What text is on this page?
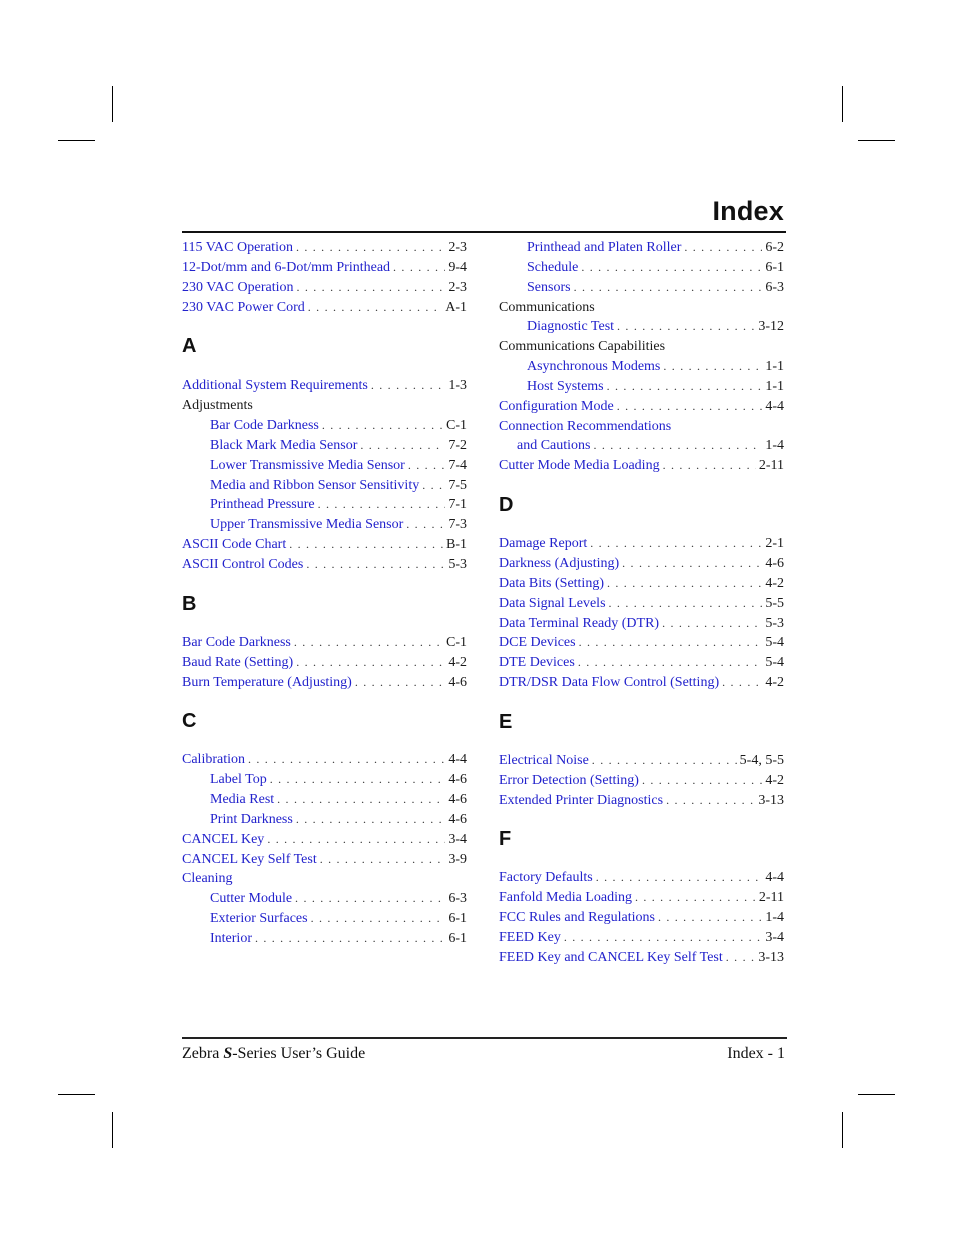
Index
115 VAC Operation . . .	2-3
12-Dot/mm and 6-Dot/mm Printhead . . .	9-4
230 VAC Operation . . .	2-3
230 VAC Power Cord . . .	A-1
A
Additional System Requirements . . .	1-3
Adjustments
Bar Code Darkness . . .	C-1
Black Mark Media Sensor . . .	7-2
Lower Transmissive Media Sensor . . .	7-4
Media and Ribbon Sensor Sensitivity . . . 7-5
Printhead Pressure . . .	7-1
Upper Transmissive Media Sensor . . .	7-3
ASCII Code Chart . . .	B-1
ASCII Control Codes . . .	5-3
B
Bar Code Darkness . . .	C-1
Baud Rate (Setting) . . .	4-2
Burn Temperature (Adjusting) . . .	4-6
C
Calibration . . .	4-4
Label Top . . .	4-6
Media Rest . . .	4-6
Print Darkness . . .	4-6
CANCEL Key . . .	3-4
CANCEL Key Self Test . . .	3-9
Cleaning
Cutter Module . . .	6-3
Exterior Surfaces . . .	6-1
Interior . . .	6-1
Printhead and Platen Roller . . .	6-2
Schedule . . .	6-1
Sensors . . .	6-3
Communications
Diagnostic Test . . .	3-12
Communications Capabilities
Asynchronous Modems . . .	1-1
Host Systems . . .	1-1
Configuration Mode . . .	4-4
Connection Recommendations
and Cautions . . .	1-4
Cutter Mode Media Loading . . .	2-11
D
Damage Report . . .	2-1
Darkness (Adjusting) . . .	4-6
Data Bits (Setting) . . .	4-2
Data Signal Levels . . .	5-5
Data Terminal Ready (DTR) . . .	5-3
DCE Devices . . .	5-4
DTE Devices . . .	5-4
DTR/DSR Data Flow Control (Setting) . . .	4-2
E
Electrical Noise . . .	5-4, 5-5
Error Detection (Setting) . . .	4-2
Extended Printer Diagnostics . . .	3-13
F
Factory Defaults . . .	4-4
Fanfold Media Loading . . .	2-11
FCC Rules and Regulations . . .	1-4
FEED Key . . .	3-4
FEED Key and CANCEL Key Self Test . . .	3-13
Zebra S-Series User’s Guide	Index - 1
